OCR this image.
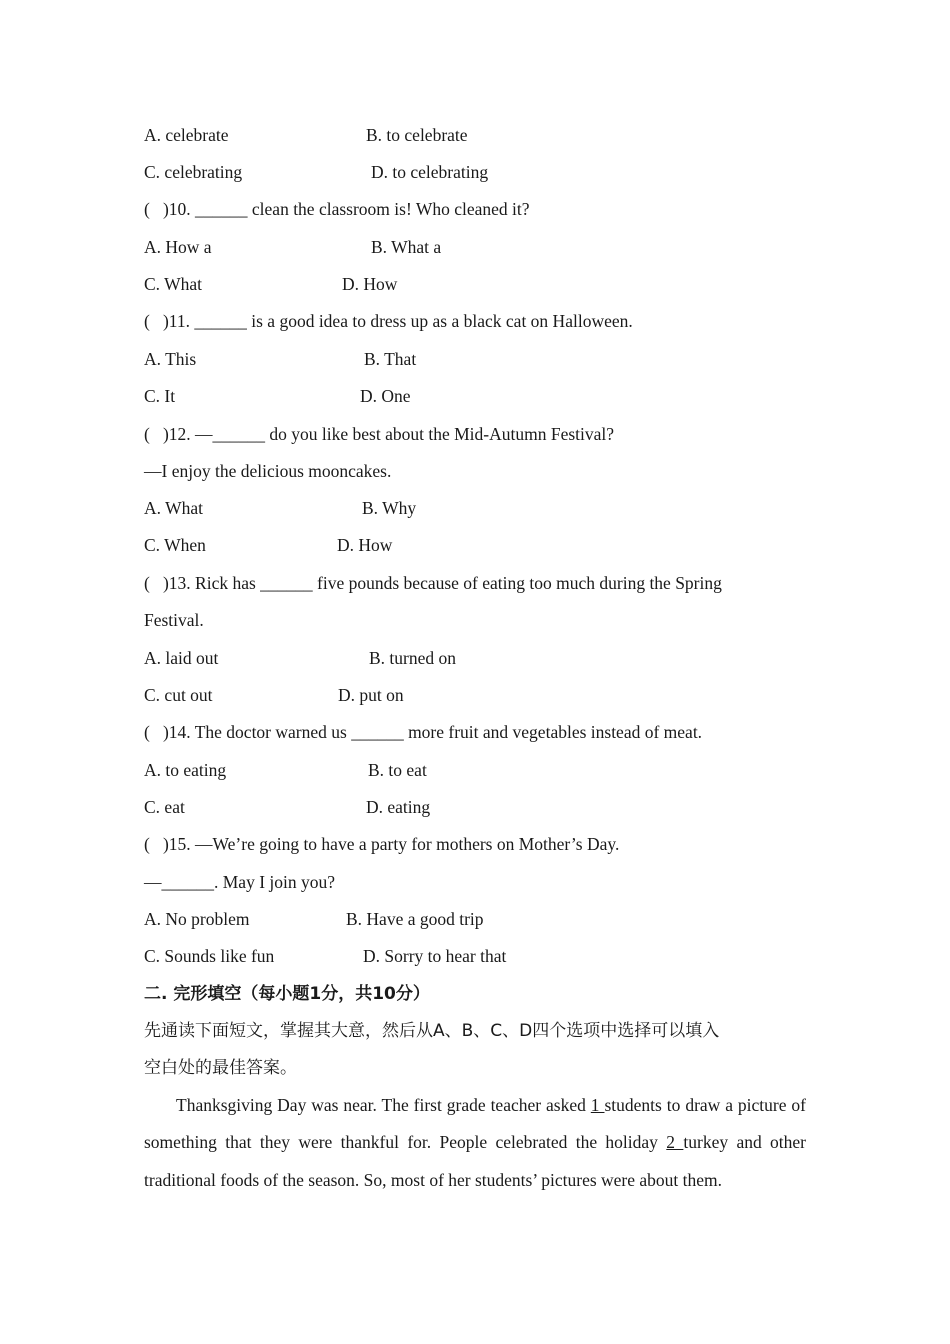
A. celebrate	B. to celebrate
C. celebrating	D. to celebrating
(   )10. ______ clean the classroom is! Who cleaned it?
A. How a	B. What a
C. What	D. How
(   )11. ______ is a good idea to dress up as a black cat on Halloween.
A. This	B. That
C. It	D. One
(   )12. —______ do you like best about the Mid-Autumn Festival?
—I enjoy the delicious mooncakes.
A. What	B. Why
C. When	D. How
(   )13. Rick has ______ five pounds because of eating too much during the Spring
Festival.
A. laid out	B. turned on
C. cut out	D. put on
(   )14. The doctor warned us ______ more fruit and vegetables instead of meat.
A. to eating	B. to eat
C. eat	D. eating
(   )15. —We’re going to have a party for mothers on Mother’s Day.
—______. May I join you?
A. No problem	B. Have a good trip
C. Sounds like fun	D. Sorry to hear that
二. 完形填空（每小题1分，共10分）
先通读下面短文，掌握其大意，然后从A、B、C、D四个选项中选择可以填入
空白处的最佳答案。
Thanksgiving Day was near. The first grade teacher asked 1 students to draw a picture of something that they were thankful for. People celebrated the holiday 2 turkey and other traditional foods of the season. So, most of her students’ pictures were about them.
